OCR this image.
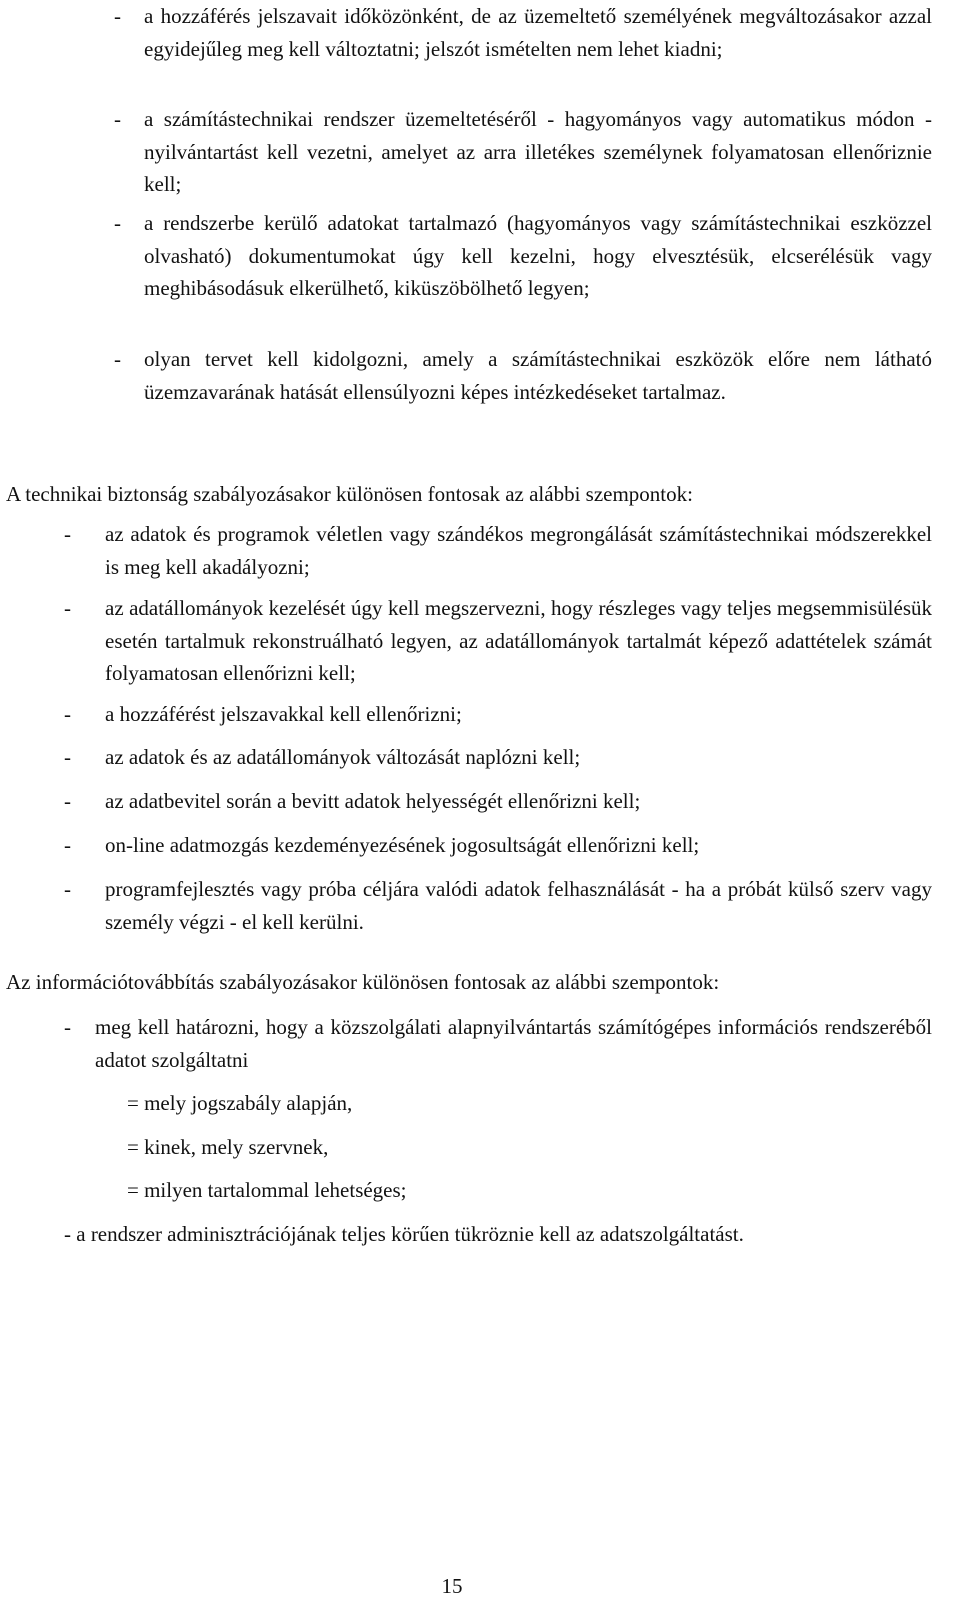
- a hozzáférés jelszavait időközönként, de az üzemeltető személyének megváltozásakor azzal egyidejűleg meg kell változtatni; jelszót ismételten nem lehet kiadni;
- a számítástechnikai rendszer üzemeltetéséről - hagyományos vagy automatikus módon - nyilvántartást kell vezetni, amelyet az arra illetékes személynek folyamatosan ellenőriznie kell;
- a rendszerbe kerülő adatokat tartalmazó (hagyományos vagy számítástechnikai eszközzel olvasható) dokumentumokat úgy kell kezelni, hogy elvesztésük, elcserélésük vagy meghibásodásuk elkerülhető, kiküszöbölhető legyen;
- olyan tervet kell kidolgozni, amely a számítástechnikai eszközök előre nem látható üzemzavarának hatását ellensúlyozni képes intézkedéseket tartalmaz.
A technikai biztonság szabályozásakor különösen fontosak az alábbi szempontok:
- az adatok és programok véletlen vagy szándékos megrongálását számítástechnikai módszerekkel is meg kell akadályozni;
- az adatállományok kezelését úgy kell megszervezni, hogy részleges vagy teljes megsemmisülésük esetén tartalmuk rekonstruálható legyen, az adatállományok tartalmát képező adattételek számát folyamatosan ellenőrizni kell;
- a hozzáférést jelszavakkal kell ellenőrizni;
- az adatok és az adatállományok változását naplózni kell;
- az adatbevitel során a bevitt adatok helyességét ellenőrizni kell;
- on-line adatmozgás kezdeményezésének jogosultságát ellenőrizni kell;
- programfejlesztés vagy próba céljára valódi adatok felhasználását - ha a próbát külső szerv vagy személy végzi - el kell kerülni.
Az információtovábbítás szabályozásakor különösen fontosak az alábbi szempontok:
- meg kell határozni, hogy a közszolgálati alapnyilvántartás számítógépes információs rendszeréből adatot szolgáltatni
= mely jogszabály alapján,
= kinek, mely szervnek,
= milyen tartalommal lehetséges;
- a rendszer adminisztrációjának teljes körűen tükröznie kell az adatszolgáltatást.
15
